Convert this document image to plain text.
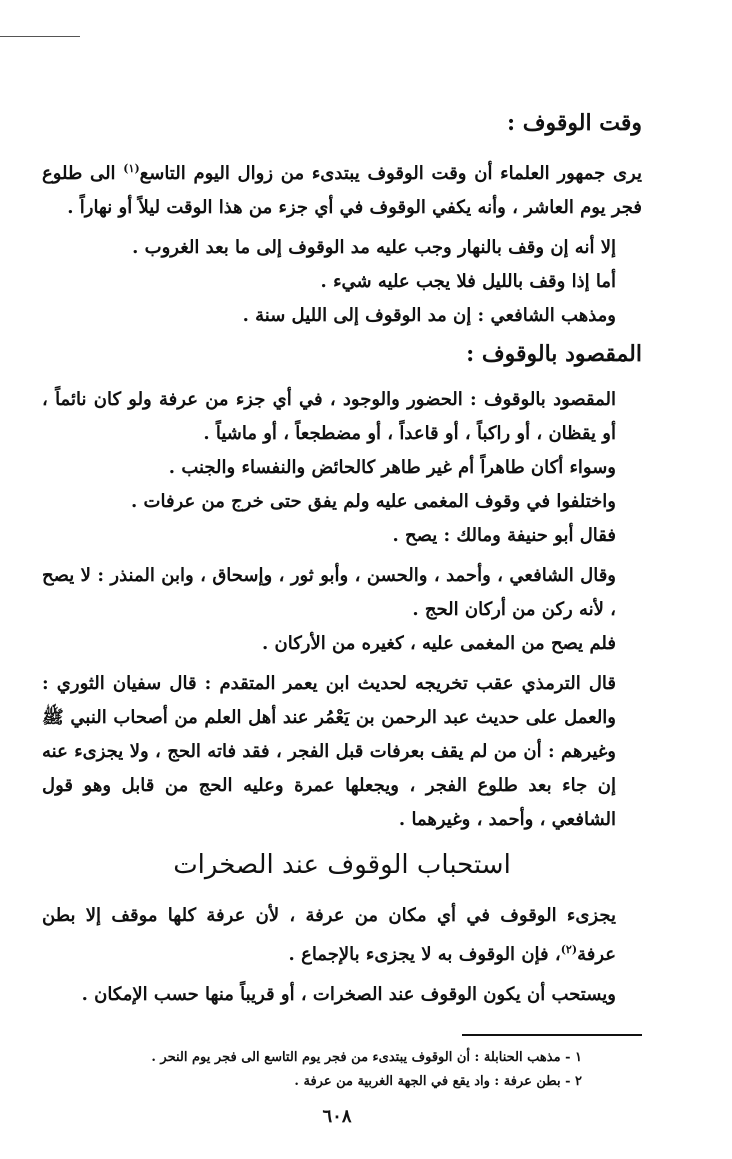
وقت الوقوف :

يرى جمهور العلماء أن وقت الوقوف يبتدىء من زوال اليوم التاسع$^{(١)}$ الى طلوع فجر يوم العاشر ، وأنه يكفي الوقوف في أي جزء من هذا الوقت ليلاً أو نهاراً .

إلا أنه إن وقف بالنهار وجب عليه مد الوقوف إلى ما بعد الغروب .

أما إذا وقف بالليل فلا يجب عليه شيء .

ومذهب الشافعي : إن مد الوقوف إلى الليل سنة .

المقصود بالوقوف :

المقصود بالوقوف : الحضور والوجود ، في أي جزء من عرفة ولو كان نائماً ، أو يقظان ، أو راكباً ، أو قاعداً ، أو مضطجعاً ، أو ماشياً .

وسواء أكان طاهراً أم غير طاهر كالحائض والنفساء والجنب .

واختلفوا في وقوف المغمى عليه ولم يفق حتى خرج من عرفات .

فقال أبو حنيفة ومالك : يصح .

وقال الشافعي ، وأحمد ، والحسن ، وأبو ثور ، وإسحاق ، وابن المنذر : لا يصح ، لأنه ركن من أركان الحج .

فلم يصح من المغمى عليه ، كغيره من الأركان .

قال الترمذي عقب تخريجه لحديث ابن يعمر المتقدم : قال سفيان الثوري : والعمل على حديث عبد الرحمن بن يَعْمُر عند أهل العلم من أصحاب النبي ﷺ وغيرهم : أن من لم يقف بعرفات قبل الفجر ، فقد فاته الحج ، ولا يجزىء عنه إن جاء بعد طلوع الفجر ، ويجعلها عمرة وعليه الحج من قابل وهو قول الشافعي ، وأحمد ، وغيرهما .

استحباب الوقوف عند الصخرات

يجزىء الوقوف في أي مكان من عرفة ، لأن عرفة كلها موقف إلا بطن عرفة$^{(٢)}$، فإن الوقوف به لا يجزىء بالإجماع .

ويستحب أن يكون الوقوف عند الصخرات ، أو قريباً منها حسب الإمكان .

١ - مذهب الحنابلة : أن الوقوف يبتدىء من فجر يوم التاسع الى فجر يوم النحر .

٢ - بطن عرفة : واد يقع في الجهة الغربية من عرفة .

٦٠٨
